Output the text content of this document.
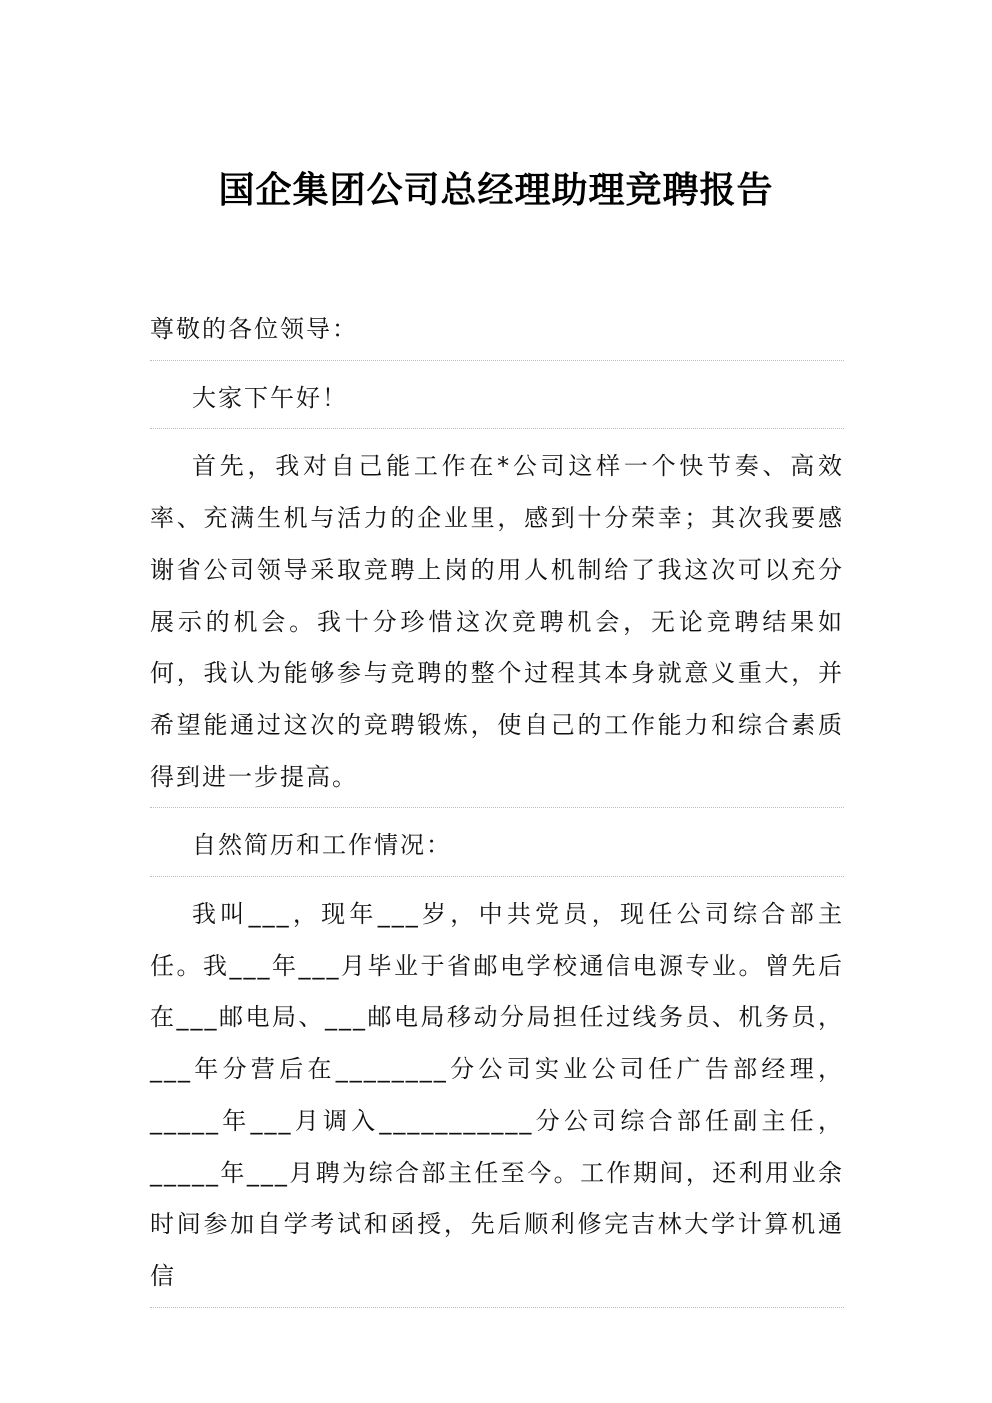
国企集团公司总经理助理竞聘报告

尊敬的各位领导：

大家下午好！

首先，我对自己能工作在*公司这样一个快节奏、高效率、充满生机与活力的企业里，感到十分荣幸；其次我要感谢省公司领导采取竞聘上岗的用人机制给了我这次可以充分展示的机会。我十分珍惜这次竞聘机会，无论竞聘结果如何，我认为能够参与竞聘的整个过程其本身就意义重大，并希望能通过这次的竞聘锻炼，使自己的工作能力和综合素质得到进一步提高。

自然简历和工作情况：

我叫___，现年___岁，中共党员，现任公司综合部主任。我___年___月毕业于省邮电学校通信电源专业。曾先后在___邮电局、___邮电局移动分局担任过线务员、机务员，___年分营后在________分公司实业公司任广告部经理，_____年___月调入___________分公司综合部任副主任，_____年___月聘为综合部主任至今。工作期间，还利用业余时间参加自学考试和函授，先后顺利修完吉林大学计算机通信
